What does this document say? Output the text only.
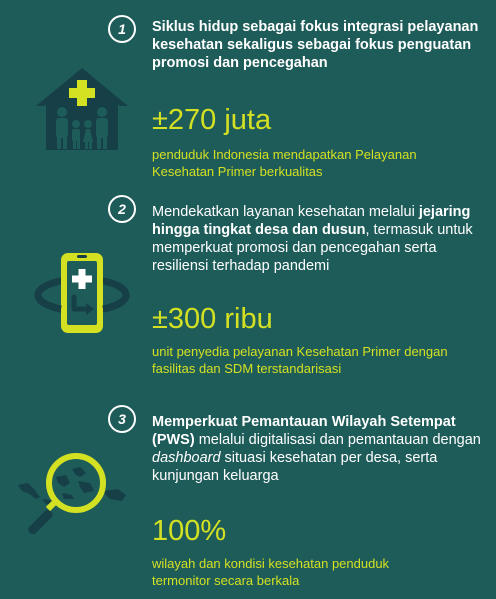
1 Siklus hidup sebagai fokus integrasi pelayanan kesehatan sekaligus sebagai fokus penguatan promosi dan pencegahan
±270 juta
penduduk Indonesia mendapatkan Pelayanan Kesehatan Primer berkualitas
2 Mendekatkan layanan kesehatan melalui jejaring hingga tingkat desa dan dusun, termasuk untuk memperkuat promosi dan pencegahan serta resiliensi terhadap pandemi
±300 ribu
unit penyedia pelayanan Kesehatan Primer dengan fasilitas dan SDM terstandarisasi
3 Memperkuat Pemantauan Wilayah Setempat (PWS) melalui digitalisasi dan pemantauan dengan dashboard situasi kesehatan per desa, serta kunjungan keluarga
100%
wilayah dan kondisi kesehatan penduduk termonitor secara berkala
